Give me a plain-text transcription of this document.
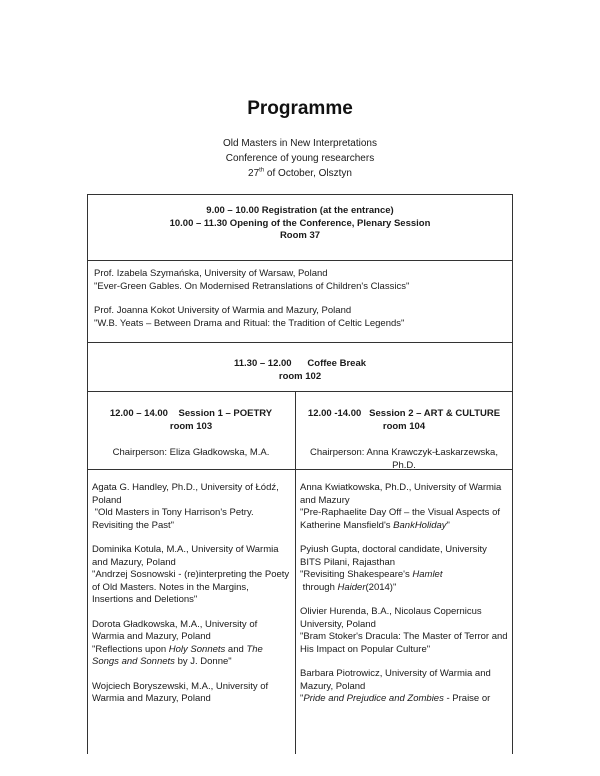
Programme
Old Masters in New Interpretations
Conference of young researchers
27th of October, Olsztyn
9.00 – 10.00 Registration (at the entrance)
10.00 – 11.30 Opening of the Conference, Plenary Session
Room 37
Prof. Izabela Szymańska, University of Warsaw, Poland
"Ever-Green Gables. On Modernised Retranslations of Children's Classics"
Prof. Joanna Kokot University of Warmia and Mazury, Poland
"W.B. Yeats – Between Drama and Ritual: the Tradition of Celtic Legends"
11.30 – 12.00      Coffee Break
room 102
12.00 – 14.00    Session 1 – POETRY
room 103
Chairperson: Eliza Gładkowska, M.A.
12.00 -14.00   Session 2 – ART & CULTURE
room 104
Chairperson: Anna Krawczyk-Łaskarzewska, Ph.D.
Agata G. Handley, Ph.D., University of Łódź, Poland
"Old Masters in Tony Harrison's Petry. Revisiting the Past"
Dominika Kotula, M.A., University of Warmia and Mazury, Poland
"Andrzej Sosnowski - (re)interpreting the Poety of Old Masters. Notes in the Margins, Insertions and Deletions"
Dorota Gładkowska, M.A., University of Warmia and Mazury, Poland
"Reflections upon Holy Sonnets and The Songs and Sonnets by J. Donne"
Wojciech Boryszewski, M.A., University of Warmia and Mazury, Poland
Anna Kwiatkowska, Ph.D., University of Warmia and Mazury
"Pre-Raphaelite Day Off – the Visual Aspects of Katherine Mansfield's BankHoliday"
Pyiush Gupta, doctoral candidate, University BITS Pilani, Rajasthan
"Revisiting Shakespeare's Hamlet through Haider(2014)"
Olivier Hurenda, B.A., Nicolaus Copernicus University, Poland
"Bram Stoker's Dracula: The Master of Terror and His Impact on Popular Culture"
Barbara Piotrowicz, University of Warmia and Mazury, Poland
"Pride and Prejudice and Zombies - Praise or
